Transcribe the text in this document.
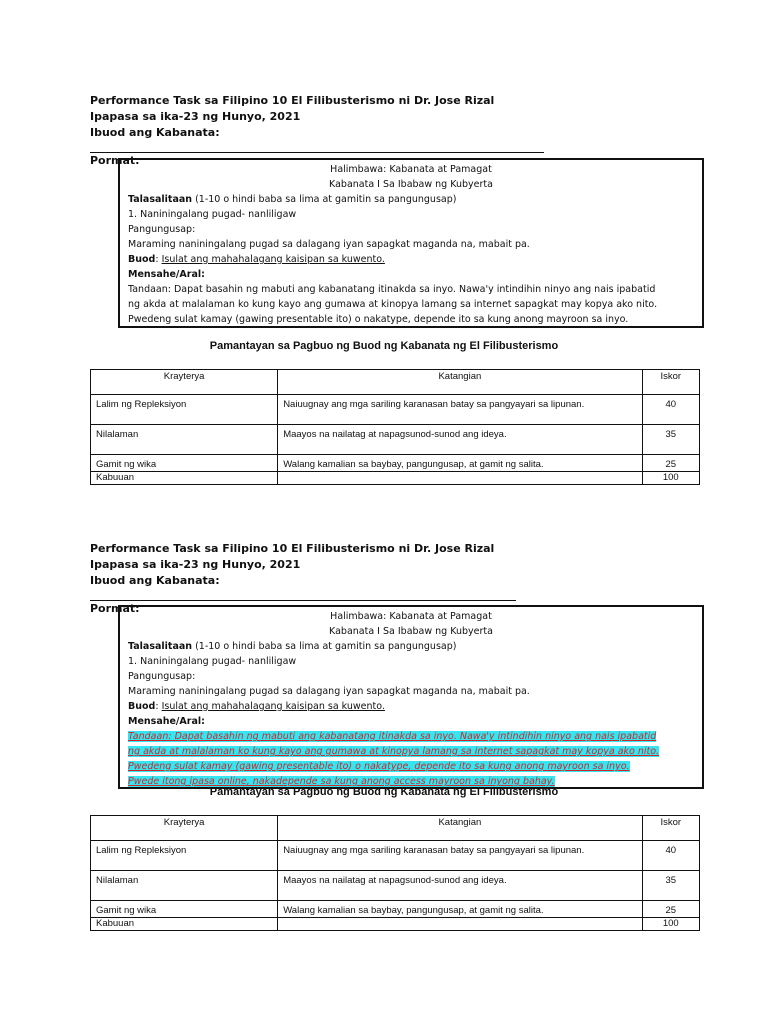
Performance Task sa Filipino 10 El Filibusterismo ni Dr. Jose Rizal
Ipapasa sa ika-23 ng Hunyo, 2021
Ibuod ang Kabanata:
Pormat:
Halimbawa: Kabanata at Pamagat
Kabanata I Sa Ibabaw ng Kubyerta
Talasalitaan (1-10 o hindi baba sa lima at gamitin sa pangungusap)
1. Naniningalang pugad- nanliligaw
Pangungusap:
Maraming naniningalang pugad sa dalagang iyan sapagkat maganda na, mabait pa.
Buod: Isulat ang mahahalagang kaisipan sa kuwento.
Mensahe/Aral:
Tandaan: Dapat basahin ng mabuti ang kabanatang itinakda sa inyo. Nawa'y intindihin ninyo ang nais ipabatid
ng akda at malalaman ko kung kayo ang gumawa at kinopya lamang sa internet sapagkat may kopya ako nito.
Pwedeng sulat kamay (gawing presentable ito) o nakatype, depende ito sa kung anong mayroon sa inyo.
Pamantayan sa Pagbuo ng Buod ng Kabanata ng El Filibusterismo
Krayterya	Katangian	Iskor
Lalim ng Repleksiyon	Naiuugnay ang mga sariling karanasan batay sa pangyayari sa lipunan.	40
Nilalaman	Maayos na nailatag at napagsunod-sunod ang ideya.	35
Gamit ng wika	Walang kamalian sa baybay, pangungusap, at gamit ng salita.	25
Kabuuan		100
Performance Task sa Filipino 10 El Filibusterismo ni Dr. Jose Rizal
Ipapasa sa ika-23 ng Hunyo, 2021
Ibuod ang Kabanata:
Pormat:
Halimbawa: Kabanata at Pamagat
Kabanata I Sa Ibabaw ng Kubyerta
Talasalitaan (1-10 o hindi baba sa lima at gamitin sa pangungusap)
1. Naniningalang pugad- nanliligaw
Pangungusap:
Maraming naniningalang pugad sa dalagang iyan sapagkat maganda na, mabait pa.
Buod: Isulat ang mahahalagang kaisipan sa kuwento.
Mensahe/Aral:
Tandaan: Dapat basahin ng mabuti ang kabanatang itinakda sa inyo. Nawa'y intindihin ninyo ang nais ipabatid
ng akda at malalaman ko kung kayo ang gumawa at kinopya lamang sa internet sapagkat may kopya ako nito.
Pwedeng sulat kamay (gawing presentable ito) o nakatype, depende ito sa kung anong mayroon sa inyo.
Pwede itong ipasa online, nakadepende sa kung anong access mayroon sa inyong bahay.
Pamantayan sa Pagbuo ng Buod ng Kabanata ng El Filibusterismo
Krayterya	Katangian	Iskor
Lalim ng Repleksiyon	Naiuugnay ang mga sariling karanasan batay sa pangyayari sa lipunan.	40
Nilalaman	Maayos na nailatag at napagsunod-sunod ang ideya.	35
Gamit ng wika	Walang kamalian sa baybay, pangungusap, at gamit ng salita.	25
Kabuuan		100
